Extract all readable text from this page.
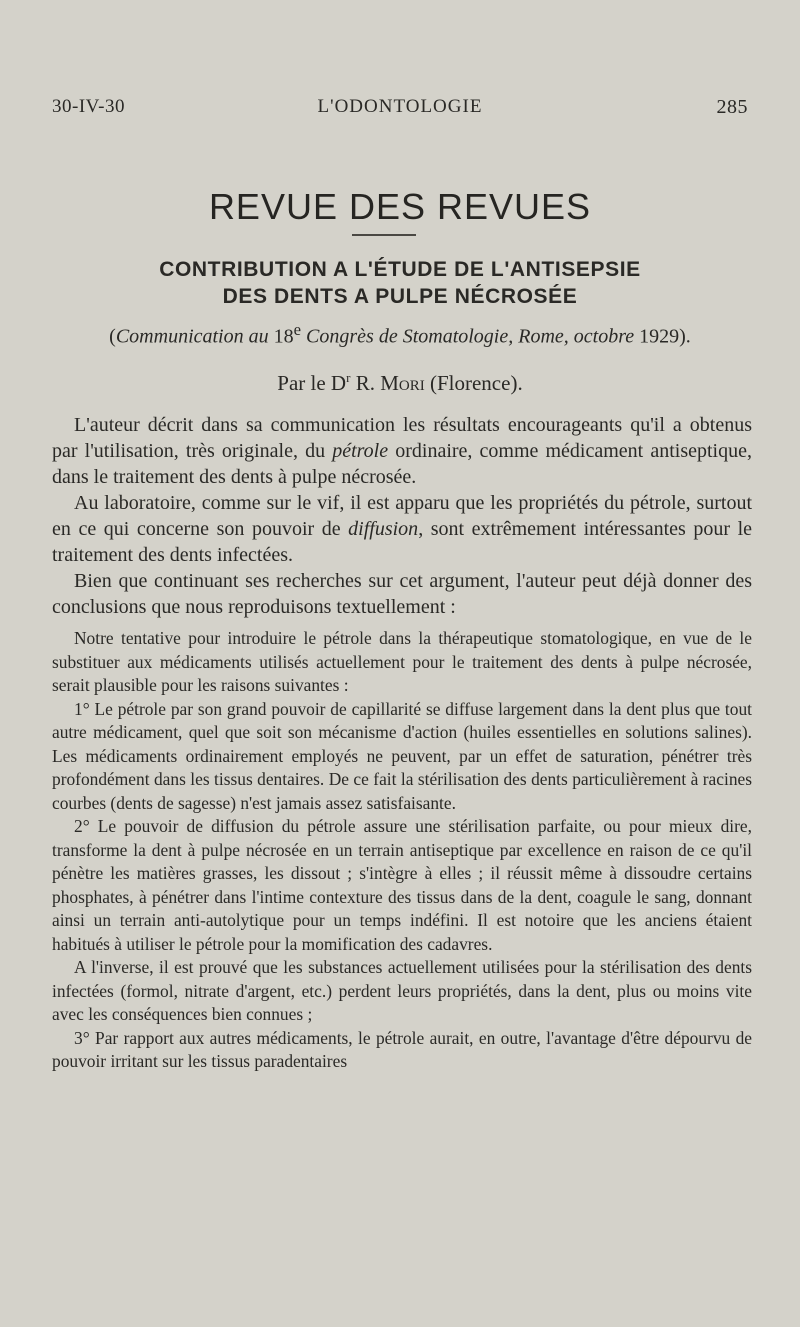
30-IV-30	L'ODONTOLOGIE	285
REVUE DES REVUES
CONTRIBUTION A L'ÉTUDE DE L'ANTISEPSIE
DES DENTS A PULPE NÉCROSÉE
(Communication au 18e Congrès de Stomatologie, Rome, octobre 1929).
Par le $D^r$ R. Mori (Florence).

L'auteur décrit dans sa communication les résultats encourageants qu'il a obtenus par l'utilisation, très originale, du pétrole ordinaire, comme médicament antiseptique, dans le traitement des dents à pulpe nécrosée.

Au laboratoire, comme sur le vif, il est apparu que les propriétés du pétrole, surtout en ce qui concerne son pouvoir de diffusion, sont extrêmement intéressantes pour le traitement des dents infectées.

Bien que continuant ses recherches sur cet argument, l'auteur peut déjà donner des conclusions que nous reproduisons textuellement :

Notre tentative pour introduire le pétrole dans la thérapeutique stomatologique, en vue de le substituer aux médicaments utilisés actuellement pour le traitement des dents à pulpe nécrosée, serait plausible pour les raisons suivantes :

1° Le pétrole par son grand pouvoir de capillarité se diffuse largement dans la dent plus que tout autre médicament, quel que soit son mécanisme d'action (huiles essentielles en solutions salines). Les médicaments ordinairement employés ne peuvent, par un effet de saturation, pénétrer très profondément dans les tissus dentaires. De ce fait la stérilisation des dents particulièrement à racines courbes (dents de sagesse) n'est jamais assez satisfaisante.

2° Le pouvoir de diffusion du pétrole assure une stérilisation parfaite, ou pour mieux dire, transforme la dent à pulpe nécrosée en un terrain antiseptique par excellence en raison de ce qu'il pénètre les matières grasses, les dissout ; s'intègre à elles ; il réussit même à dissoudre certains phosphates, à pénétrer dans l'intime contexture des tissus dans de la dent, coagule le sang, donnant ainsi un terrain anti-autolytique pour un temps indéfini. Il est notoire que les anciens étaient habitués à utiliser le pétrole pour la momification des cadavres.

A l'inverse, il est prouvé que les substances actuellement utilisées pour la stérilisation des dents infectées (formol, nitrate d'argent, etc.) perdent leurs propriétés, dans la dent, plus ou moins vite avec les conséquences bien connues ;

3° Par rapport aux autres médicaments, le pétrole aurait, en outre, l'avantage d'être dépourvu de pouvoir irritant sur les tissus paradentaires
